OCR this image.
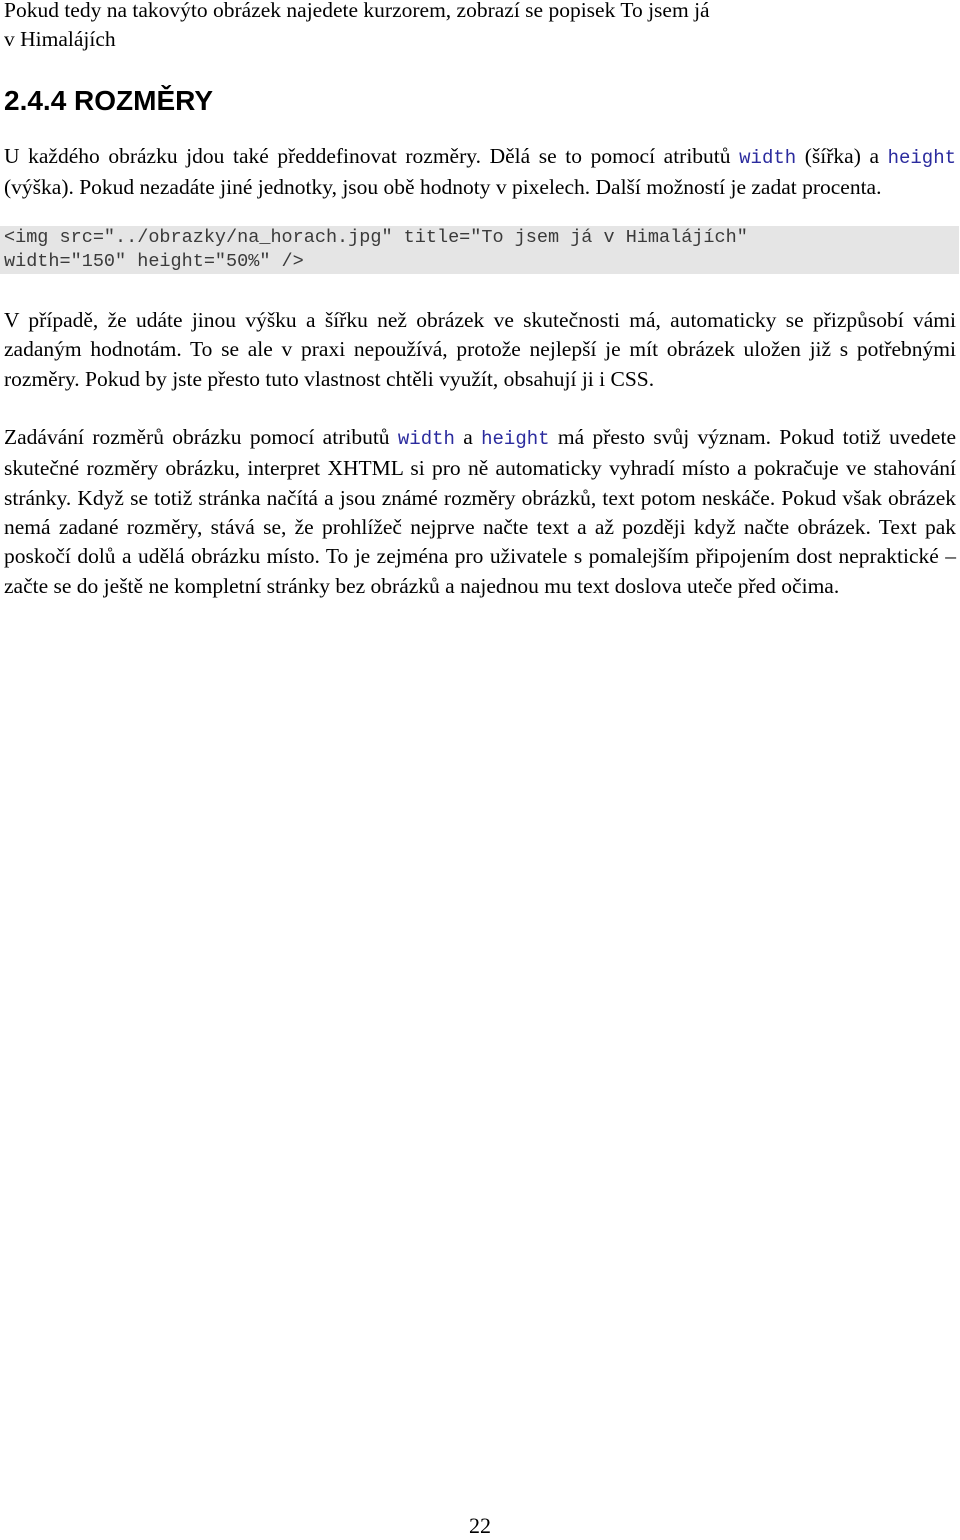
Pokud tedy na takovýto obrázek najedete kurzorem, zobrazí se popisek To jsem já
v Himalájích

2.4.4 ROZMĚRY

U každého obrázku jdou také předdefinovat rozměry. Dělá se to pomocí atributů width (šířka) a height (výška). Pokud nezadáte jiné jednotky, jsou obě hodnoty v pixelech. Další možností je zadat procenta.

<img src="../obrazky/na_horach.jpg" title="To jsem já v Himalájích"
width="150" height="50%" />

V případě, že udáte jinou výšku a šířku než obrázek ve skutečnosti má, automaticky se přizpůsobí vámi zadaným hodnotám. To se ale v praxi nepoužívá, protože nejlepší je mít obrázek uložen již s potřebnými rozměry. Pokud by jste přesto tuto vlastnost chtěli využít, obsahují ji i CSS.

Zadávání rozměrů obrázku pomocí atributů width a height má přesto svůj význam. Pokud totiž uvedete skutečné rozměry obrázku, interpret XHTML si pro ně automaticky vyhradí místo a pokračuje ve stahování stránky. Když se totiž stránka načítá a jsou známé rozměry obrázků, text potom neskáče. Pokud však obrázek nemá zadané rozměry, stává se, že prohlížeč nejprve načte text a až později když načte obrázek. Text pak poskočí dolů a udělá obrázku místo. To je zejména pro uživatele s pomalejším připojením dost nepraktické – začte se do ještě ne kompletní stránky bez obrázků a najednou mu text doslova uteče před očima.

22
